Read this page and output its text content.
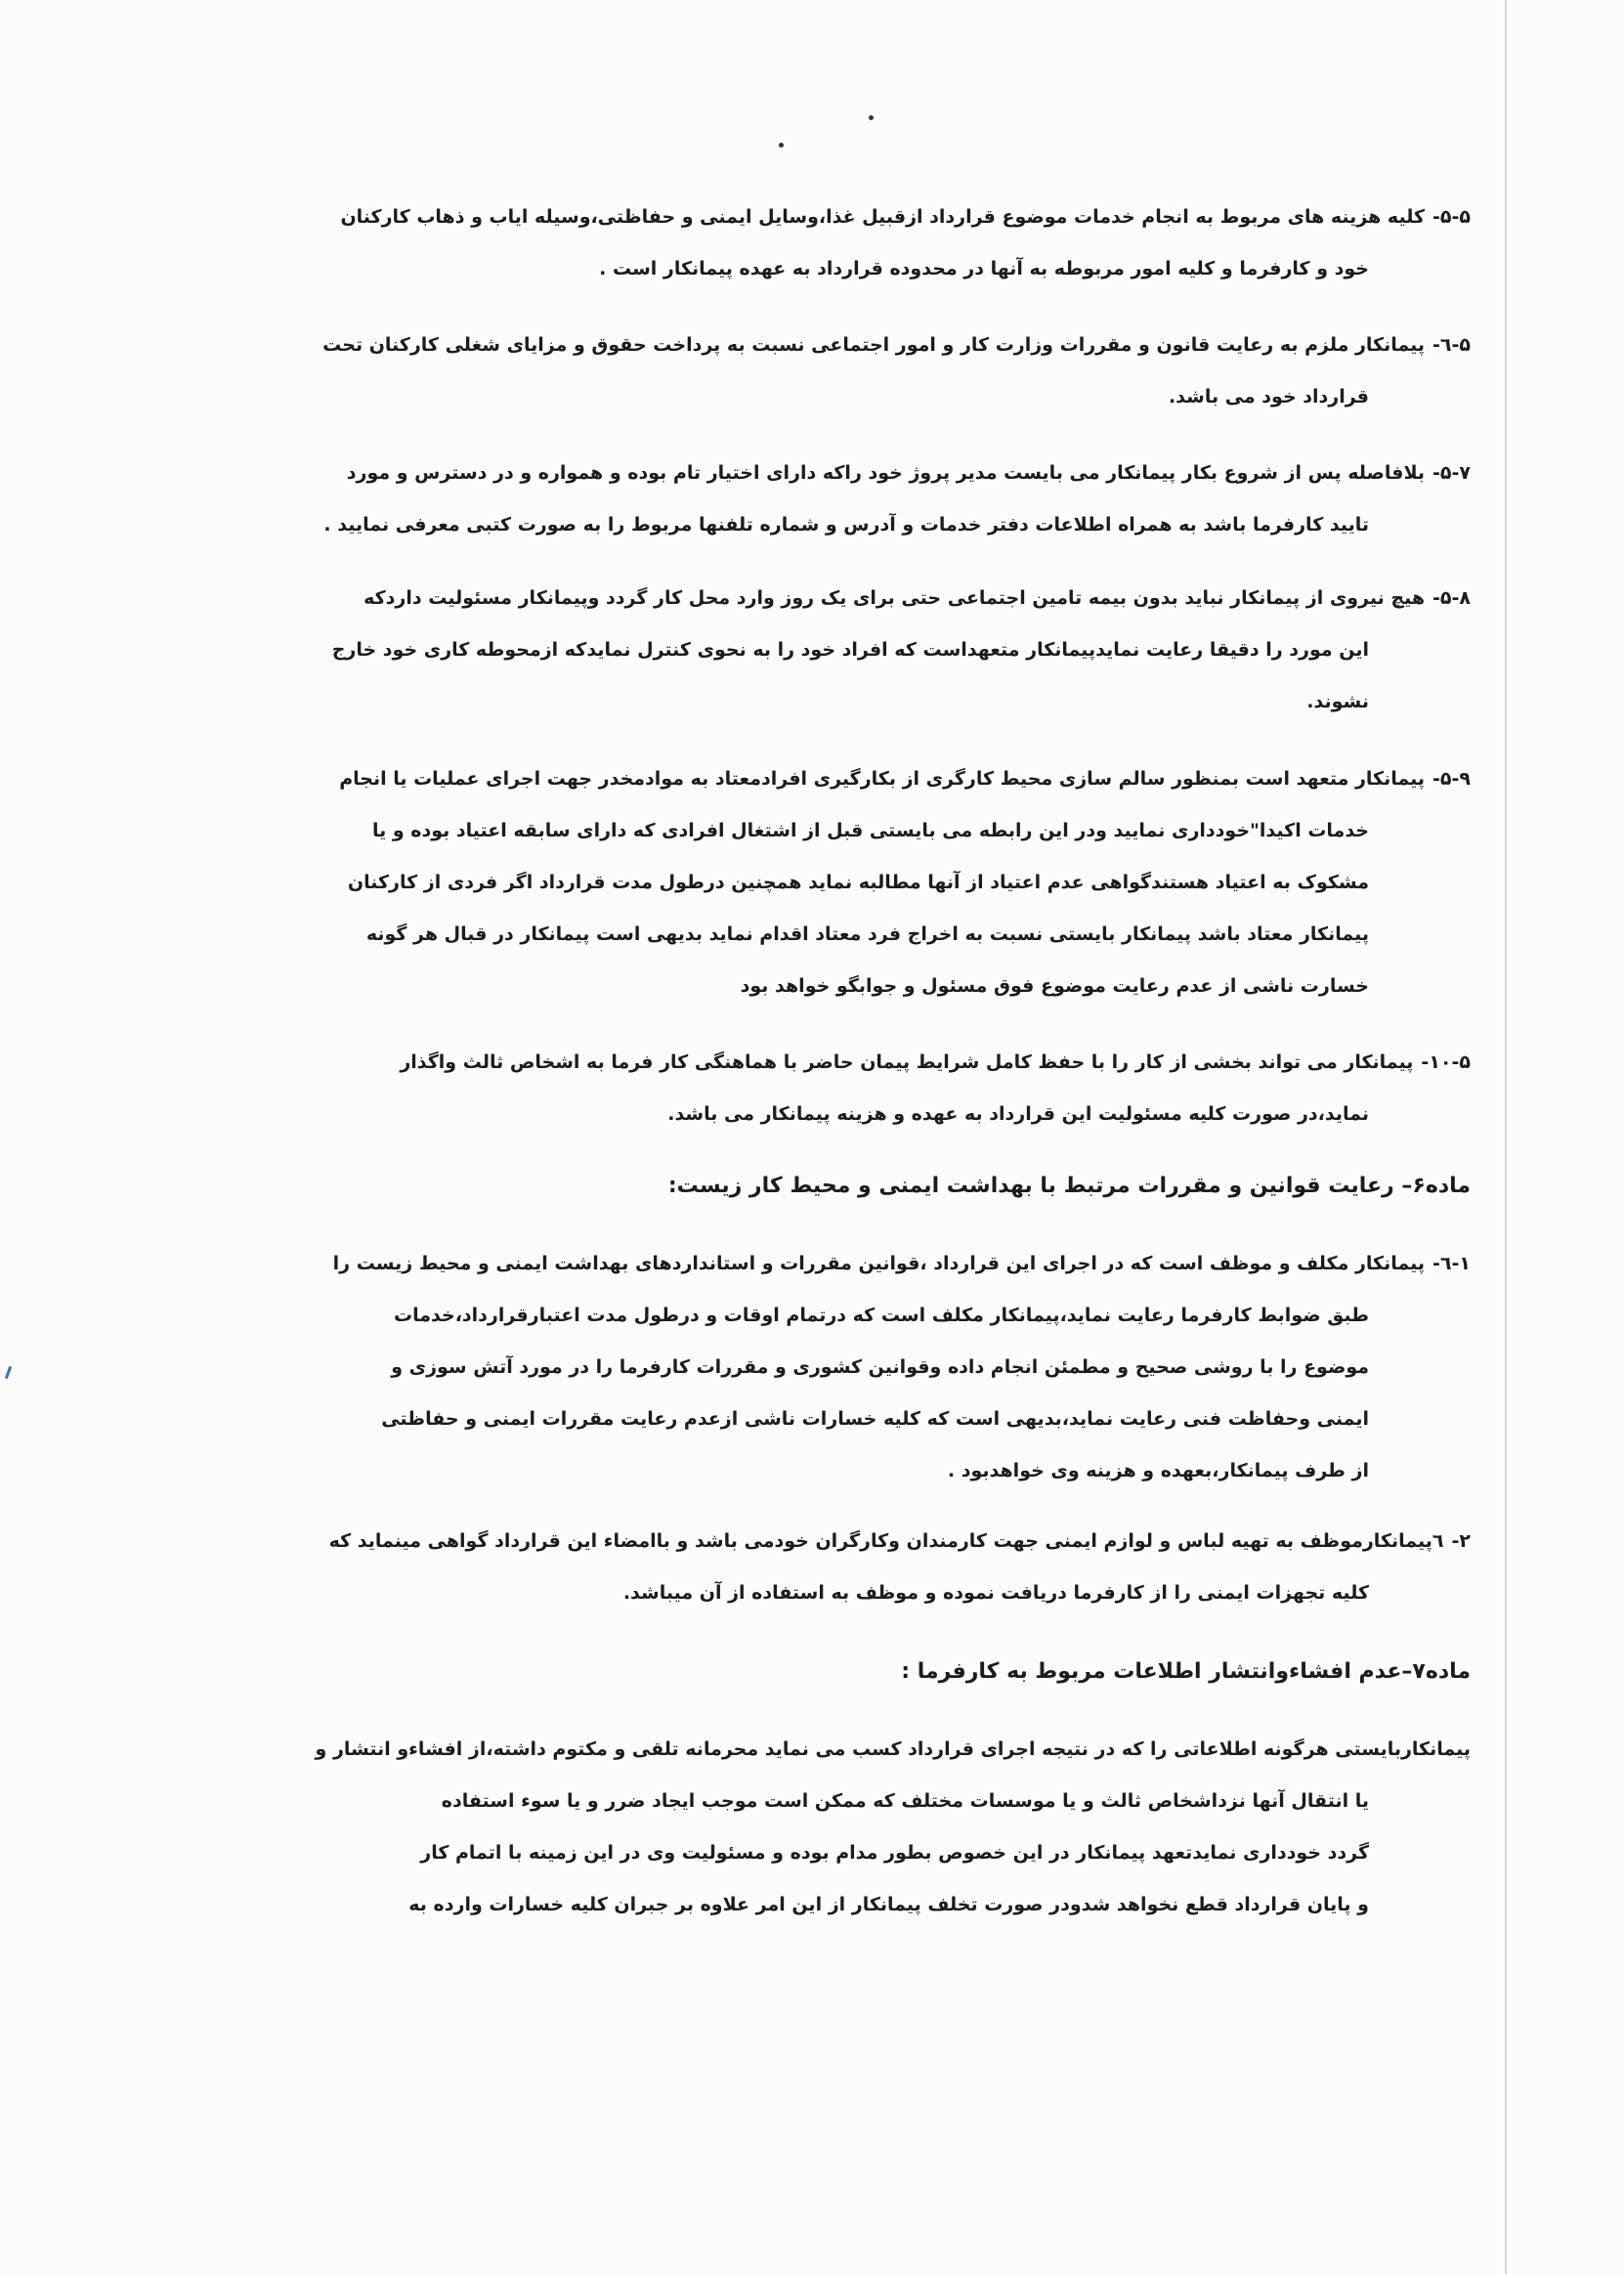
۵-۵-کلیه هزینه های مربوط به انجام خدمات موضوع قرارداد ازقبیل غذا،وسایل ایمنی و حفاظتی،وسیله ایاب و ذهاب کارکنان
خود و کارفرما و کلیه امور مربوطه به آنها در محدوده قرارداد به عهده پیمانکار است .
۵-٦-پیمانکار ملزم به رعایت قانون و مقررات وزارت کار و امور اجتماعی نسبت به پرداخت حقوق و مزایای شغلی کارکنان تحت
قرارداد خود می باشد.
۵-۷-بلافاصله پس از شروع بکار پیمانکار می بایست مدیر پروژ خود راکه دارای اختیار تام بوده و همواره و در دسترس و مورد
تایید کارفرما باشد به همراه اطلاعات دفتر خدمات و آدرس و شماره تلفنها مربوط را به صورت کتبی معرفی نمایید .
۵-۸-هیچ نیروی از پیمانکار نباید بدون بیمه تامین اجتماعی حتی برای یک روز وارد محل کار گردد وپیمانکار مسئولیت داردکه
این مورد را دقیقا رعایت نمایدپیمانکار متعهداست که افراد خود را به نحوی کنترل نمایدکه ازمحوطه کاری خود خارج
نشوند.
۵-۹-پیمانکار متعهد است بمنظور سالم سازی محیط کارگری از بکارگیری افرادمعتاد به موادمخدر جهت اجرای عملیات یا انجام
خدمات اکیدا"خودداری نمایید ودر این رابطه می بایستی قبل از اشتغال افرادی که دارای سابقه اعتیاد بوده و یا
مشکوک به اعتیاد هستندگواهی عدم اعتیاد از آنها مطالبه نماید همچنین درطول مدت قرارداد اگر فردی از کارکنان
پیمانکار معتاد باشد پیمانکار بایستی نسبت به اخراج فرد معتاد اقدام نماید بدیهی است پیمانکار در قبال هر گونه
خسارت ناشی از عدم رعایت موضوع فوق مسئول و جوابگو خواهد بود
۱۰-۵-پیمانکار می تواند بخشی از کار را با حفظ کامل شرایط پیمان حاضر با هماهنگی کار فرما به اشخاص ثالث واگذار
نماید،در صورت کلیه مسئولیت این قرارداد به عهده و هزینه پیمانکار می باشد.
ماده۶– رعایت قوانین و مقررات مرتبط با بهداشت ایمنی و محیط کار زیست:
۱-٦-پیمانکار مکلف و موظف است که در اجرای این قرارداد ،قوانین مقررات و استانداردهای بهداشت ایمنی و محیط زیست را
طبق ضوابط کارفرما رعایت نماید،پیمانکار مکلف است که درتمام اوقات و درطول مدت اعتبارقرارداد،خدمات
موضوع را با روشی صحیح و مطمئن انجام داده وقوانین کشوری و مقررات کارفرما را در مورد آتش سوزی و
ایمنی وحفاظت فنی رعایت نماید،بدیهی است که کلیه خسارات ناشی ازعدم رعایت مقررات ایمنی و حفاظتی
از طرف پیمانکار،بعهده و هزینه وی خواهدبود .
۲-٦پیمانکارموظف به تهیه لباس و لوازم ایمنی جهت کارمندان وکارگران خودمی باشد و باامضاء این قرارداد گواهی مینماید که
کلیه تجهزات ایمنی را از کارفرما دریافت نموده و موظف به استفاده از آن میباشد.
ماده۷–عدم افشاءوانتشار اطلاعات مربوط به کارفرما :
پیمانکاربایستی هرگونه اطلاعاتی را که در نتیجه اجرای قرارداد کسب می نماید محرمانه تلقی و مکتوم داشته،از افشاءو انتشار و
یا انتقال آنها نزداشخاص ثالث و یا موسسات مختلف که ممکن است موجب ایجاد ضرر و یا سوء استفاده
گردد خودداری نمایدتعهد پیمانکار در این خصوص بطور مدام بوده و مسئولیت وی در این زمینه با اتمام کار
و پایان قرارداد قطع نخواهد شدودر صورت تخلف پیمانکار از این امر علاوه بر جبران کلیه خسارات وارده به
